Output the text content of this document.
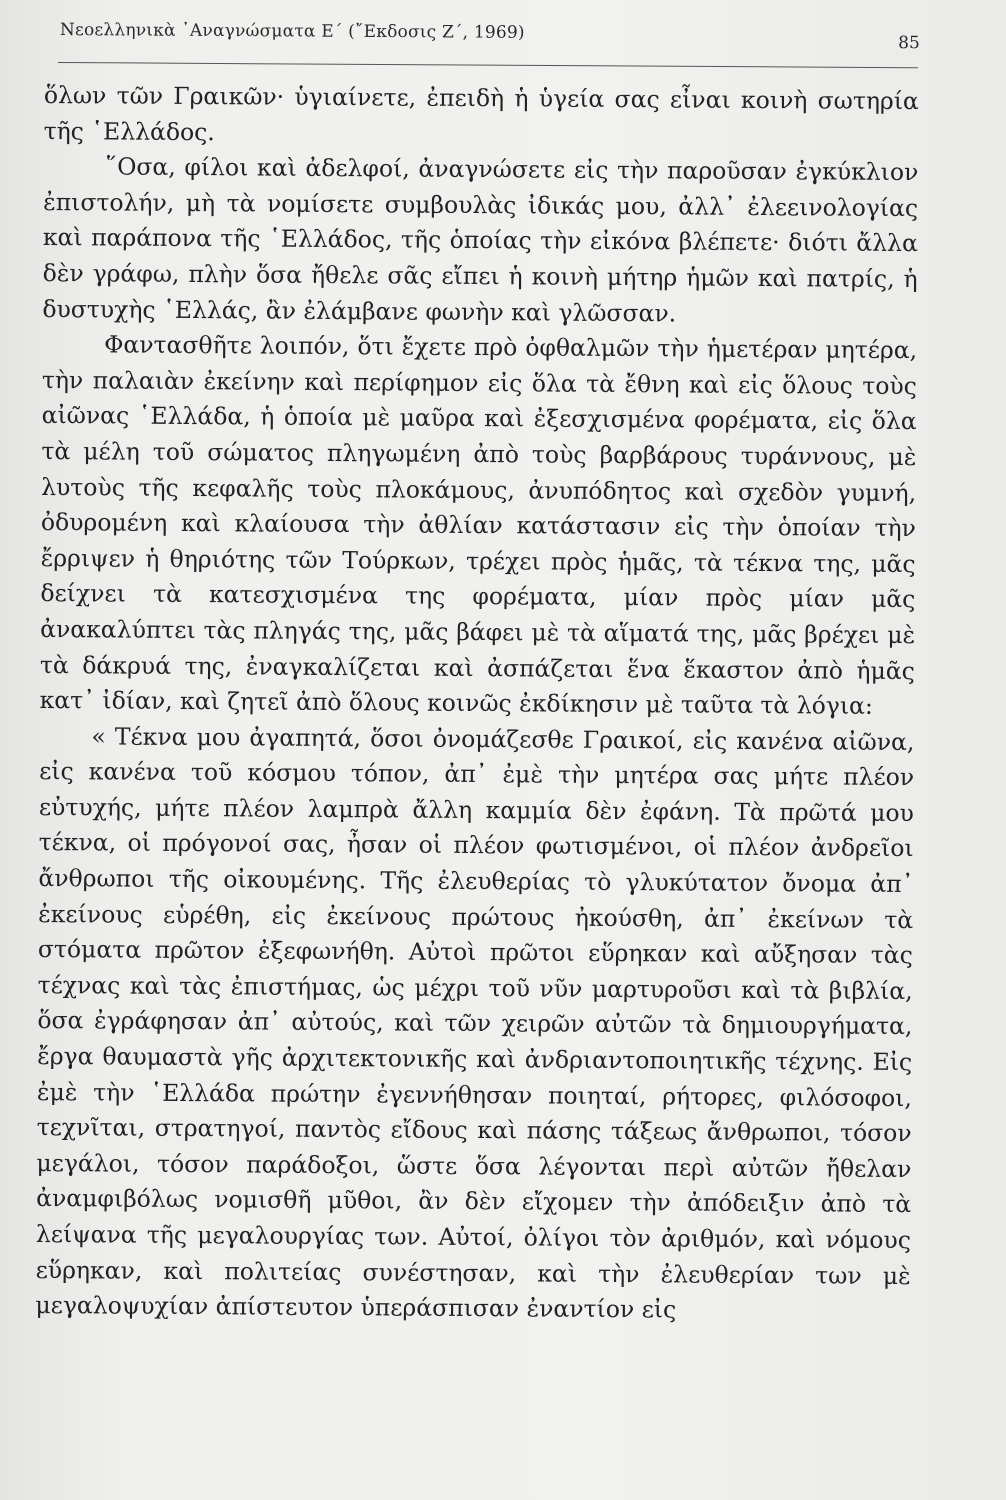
Νεοελληνικὰ ᾿Αναγνώσματα Ε΄ (῎Εκδοσις Ζ΄, 1969)
85

ὅλων τῶν Γραικῶν· ὑγιαίνετε, ἐπειδὴ ἡ ὑγεία σας εἶναι κοινὴ σωτηρία τῆς ῾Ελλάδος.

῞Οσα, φίλοι καὶ ἀδελφοί, ἀναγνώσετε εἰς τὴν παροῦσαν ἐγκύκλιον ἐπιστολήν, μὴ τὰ νομίσετε συμβουλὰς ἰδικάς μου, ἀλλ᾿ ἐλεεινολογίας καὶ παράπονα τῆς ῾Ελλάδος, τῆς ὁποίας τὴν εἰκόνα βλέπετε· διότι ἄλλα δὲν γράφω, πλὴν ὅσα ἤθελε σᾶς εἴπει ἡ κοινὴ μήτηρ ἡμῶν καὶ πατρίς, ἡ δυστυχὴς ῾Ελλάς, ἂν ἐλάμβανε φωνὴν καὶ γλῶσσαν.

Φαντασθῆτε λοιπόν, ὅτι ἔχετε πρὸ ὀφθαλμῶν τὴν ἡμετέραν μητέρα, τὴν παλαιὰν ἐκείνην καὶ περίφημον εἰς ὅλα τὰ ἔθνη καὶ εἰς ὅλους τοὺς αἰῶνας ῾Ελλάδα, ἡ ὁποία μὲ μαῦρα καὶ ἐξεσχισμένα φορέματα, εἰς ὅλα τὰ μέλη τοῦ σώματος πληγωμένη ἀπὸ τοὺς βαρβάρους τυράννους, μὲ λυτοὺς τῆς κεφαλῆς τοὺς πλοκάμους, ἀνυπόδητος καὶ σχεδὸν γυμνή, ὀδυρομένη καὶ κλαίουσα τὴν ἀθλίαν κατάστασιν εἰς τὴν ὁποίαν τὴν ἔρριψεν ἡ θηριότης τῶν Τούρκων, τρέχει πρὸς ἡμᾶς, τὰ τέκνα της, μᾶς δείχνει τὰ κατεσχισμένα της φορέματα, μίαν πρὸς μίαν μᾶς ἀνακαλύπτει τὰς πληγάς της, μᾶς βάφει μὲ τὰ αἵματά της, μᾶς βρέχει μὲ τὰ δάκρυά της, ἐναγκαλίζεται καὶ ἀσπάζεται ἕνα ἕκαστον ἀπὸ ἡμᾶς κατ᾿ ἰδίαν, καὶ ζητεῖ ἀπὸ ὅλους κοινῶς ἐκδίκησιν μὲ ταῦτα τὰ λόγια:

« Τέκνα μου ἀγαπητά, ὅσοι ὀνομάζεσθε Γραικοί, εἰς κανένα αἰῶνα, εἰς κανένα τοῦ κόσμου τόπον, ἀπ᾿ ἐμὲ τὴν μητέρα σας μήτε πλέον εὐτυχής, μήτε πλέον λαμπρὰ ἄλλη καμμία δὲν ἐφάνη. Τὰ πρῶτά μου τέκνα, οἱ πρόγονοί σας, ἦσαν οἱ πλέον φωτισμένοι, οἱ πλέον ἀνδρεῖοι ἄνθρωποι τῆς οἰκουμένης. Τῆς ἐλευθερίας τὸ γλυκύτατον ὄνομα ἀπ᾿ ἐκείνους εὑρέθη, εἰς ἐκείνους πρώτους ἠκούσθη, ἀπ᾿ ἐκείνων τὰ στόματα πρῶτον ἐξεφωνήθη. Αὐτοὶ πρῶτοι εὕρηκαν καὶ αὔξησαν τὰς τέχνας καὶ τὰς ἐπιστήμας, ὡς μέχρι τοῦ νῦν μαρτυροῦσι καὶ τὰ βιβλία, ὅσα ἐγράφησαν ἀπ᾿ αὐτούς, καὶ τῶν χειρῶν αὐτῶν τὰ δημιουργήματα, ἔργα θαυμαστὰ γῆς ἀρχιτεκτονικῆς καὶ ἀνδριαντοποιητικῆς τέχνης. Εἰς ἐμὲ τὴν ῾Ελλάδα πρώτην ἐγεννήθησαν ποιηταί, ρήτορες, φιλόσοφοι, τεχνῖται, στρατηγοί, παντὸς εἴδους καὶ πάσης τάξεως ἄνθρωποι, τόσον μεγάλοι, τόσον παράδοξοι, ὥστε ὅσα λέγονται περὶ αὐτῶν ἤθελαν ἀναμφιβόλως νομισθῆ μῦθοι, ἂν δὲν εἴχομεν τὴν ἀπόδειξιν ἀπὸ τὰ λείψανα τῆς μεγαλουργίας των. Αὐτοί, ὀλίγοι τὸν ἀριθμόν, καὶ νόμους εὕρηκαν, καὶ πολιτείας συνέστησαν, καὶ τὴν ἐλευθερίαν των μὲ μεγαλοψυχίαν ἀπίστευτον ὑπεράσπισαν ἐναντίον εἰς
